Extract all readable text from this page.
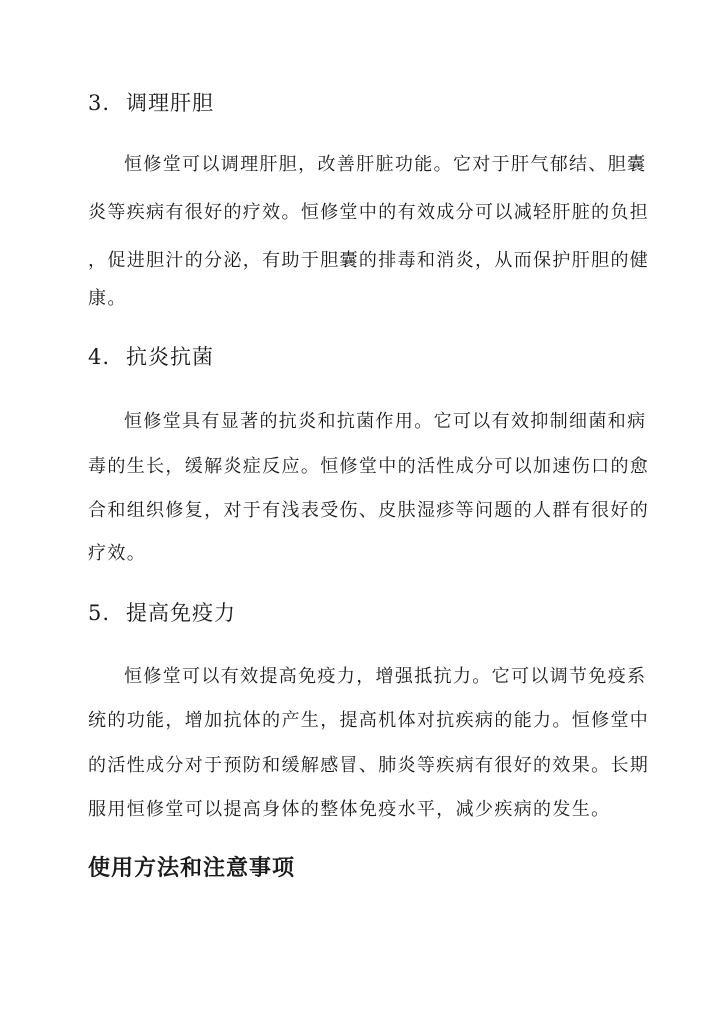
3. 调理肝胆
恒修堂可以调理肝胆，改善肝脏功能。它对于肝气郁结、胆囊
炎等疾病有很好的疗效。恒修堂中的有效成分可以减轻肝脏的负担
，促进胆汁的分泌，有助于胆囊的排毒和消炎，从而保护肝胆的健
康。
4. 抗炎抗菌
恒修堂具有显著的抗炎和抗菌作用。它可以有效抑制细菌和病
毒的生长，缓解炎症反应。恒修堂中的活性成分可以加速伤口的愈
合和组织修复，对于有浅表受伤、皮肤湿疹等问题的人群有很好的
疗效。
5. 提高免疫力
恒修堂可以有效提高免疫力，增强抵抗力。它可以调节免疫系
统的功能，增加抗体的产生，提高机体对抗疾病的能力。恒修堂中
的活性成分对于预防和缓解感冒、肺炎等疾病有很好的效果。长期
服用恒修堂可以提高身体的整体免疫水平，减少疾病的发生。
使用方法和注意事项
